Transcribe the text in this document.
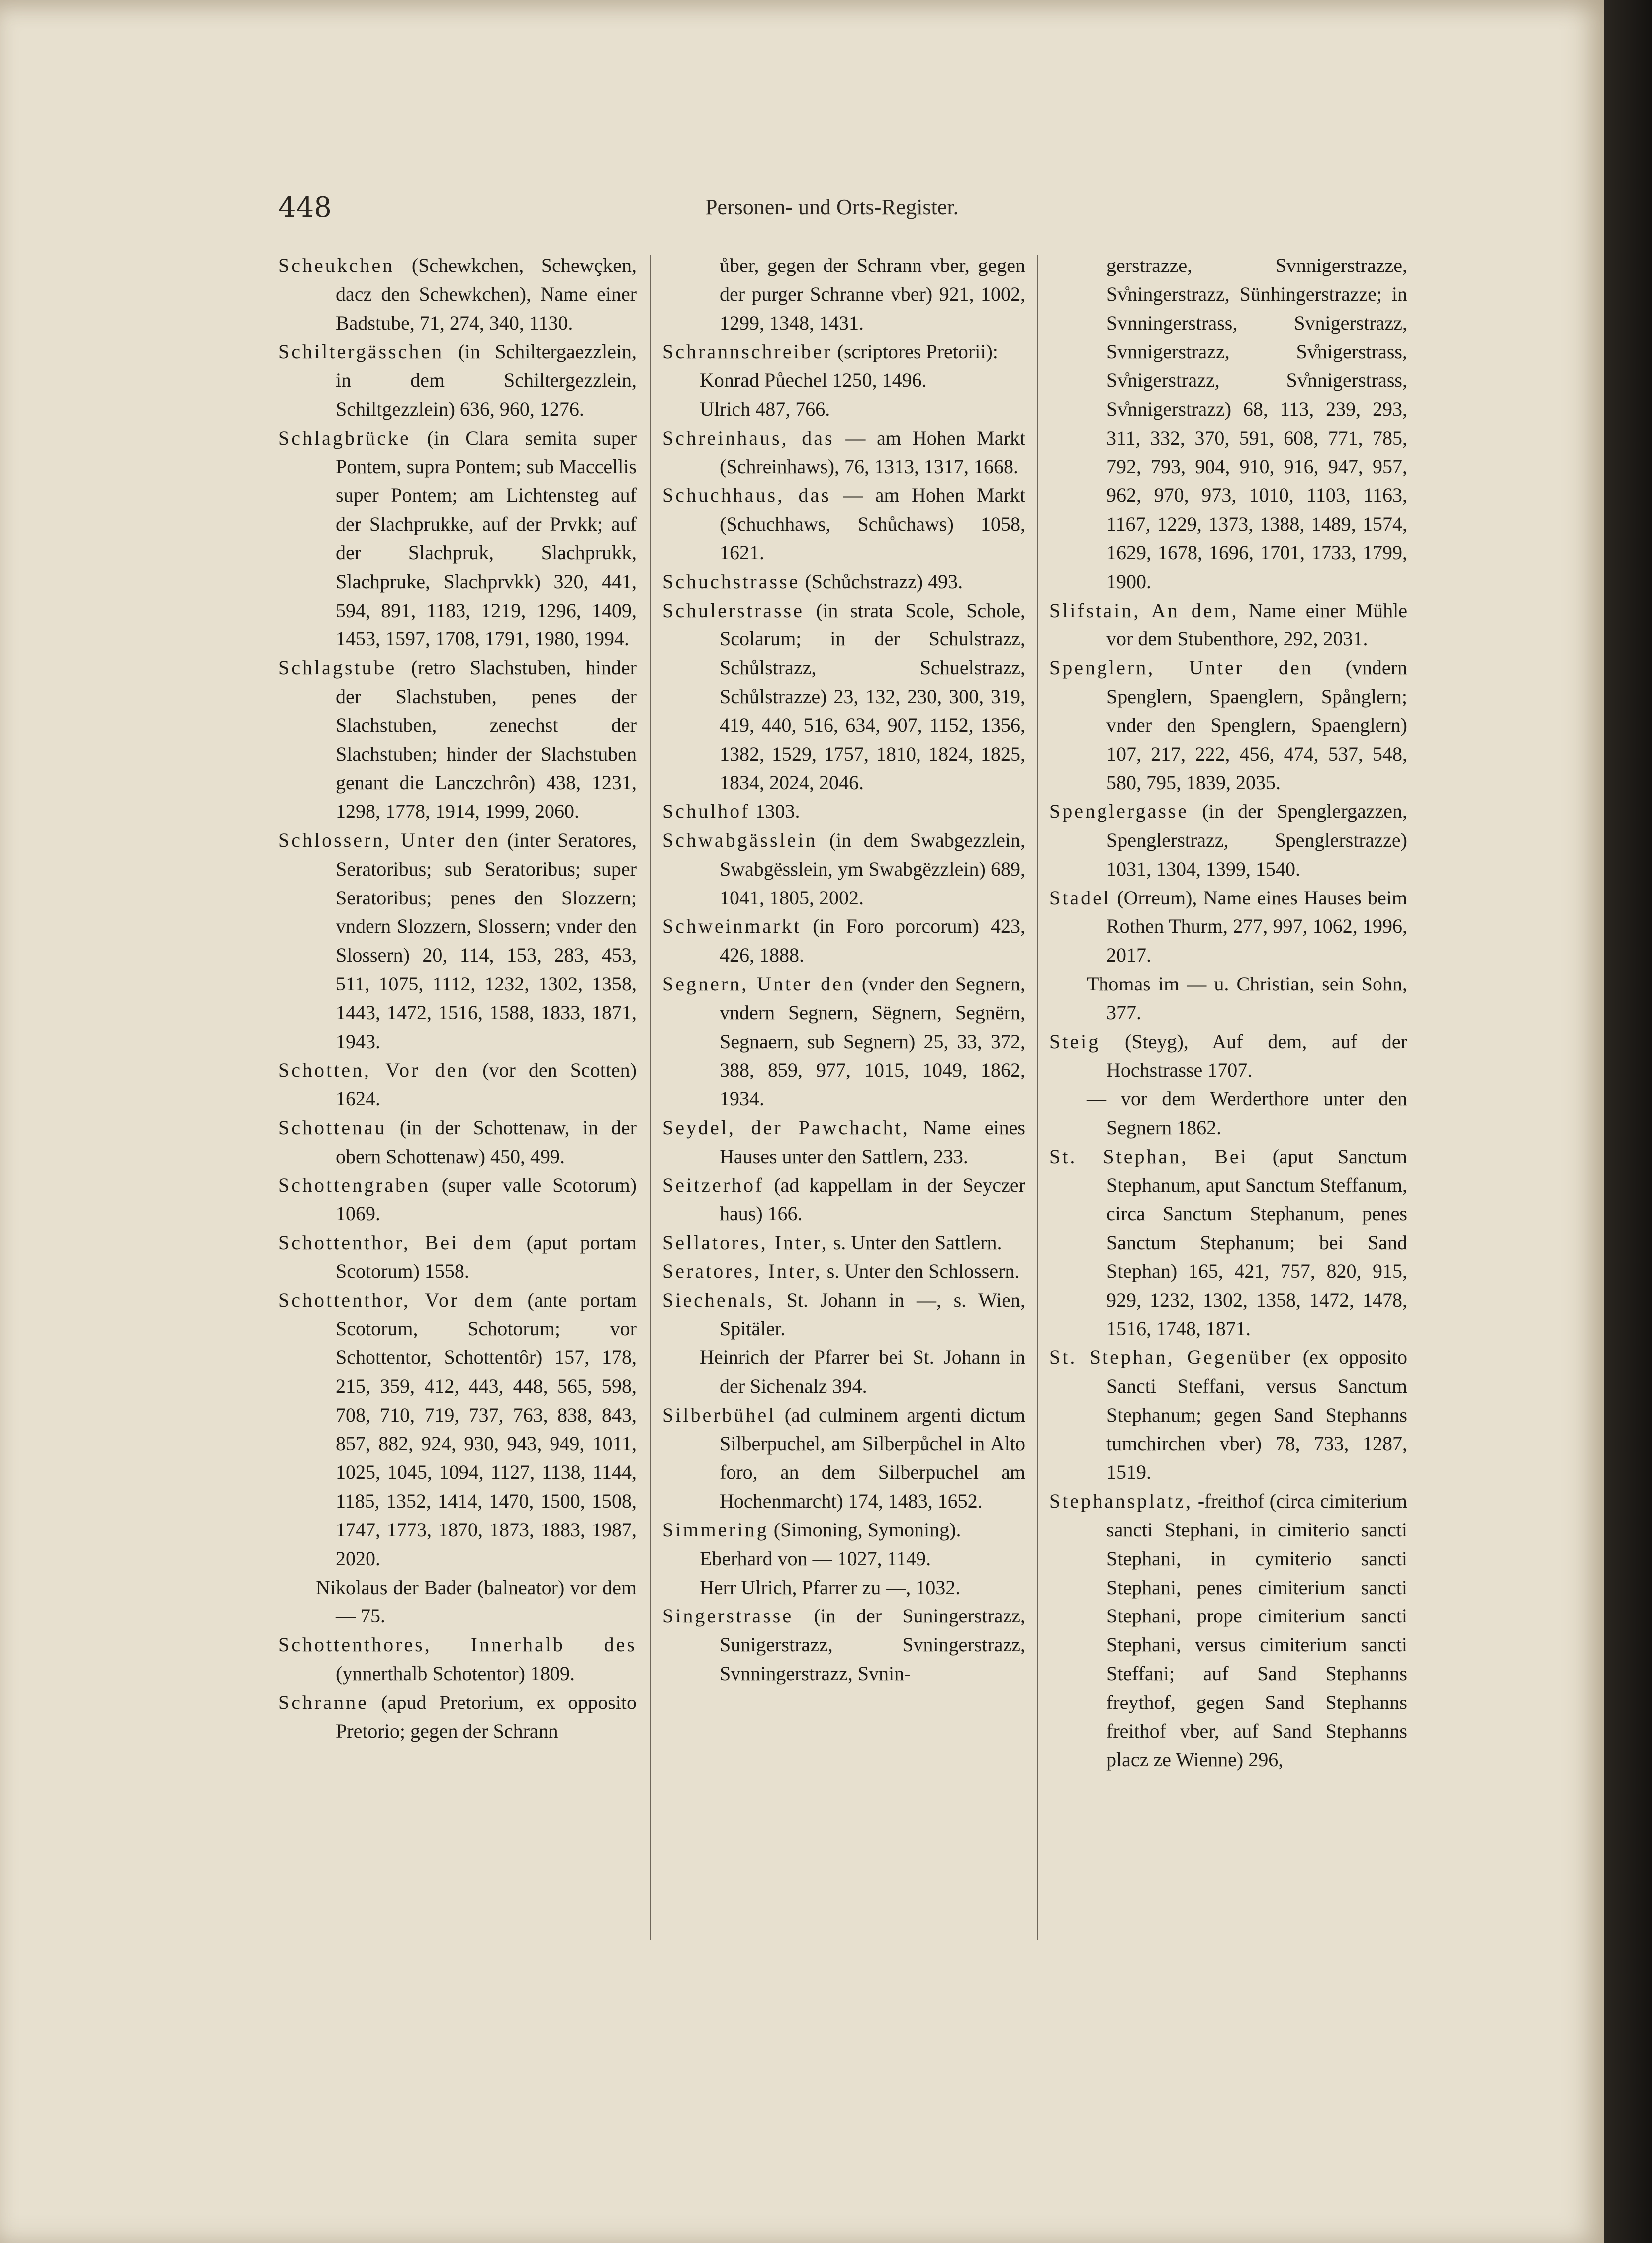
448	Personen- und Orts-Register.

Scheukchen (Schewkchen, Schewçken, dacz den Schewkchen), Name einer Badstube, 71, 274, 340, 1130.

Schiltergässchen (in Schiltergaezzlein, in dem Schiltergezzlein, Schiltgezzlein) 636, 960, 1276.

Schlagbrücke (in Clara semita super Pontem, supra Pontem; sub Maccellis super Pontem; am Lichtensteg auf der Slachprukke, auf der Prvkk; auf der Slachpruk, Slachprukk, Slachpruke, Slachprvkk) 320, 441, 594, 891, 1183, 1219, 1296, 1409, 1453, 1597, 1708, 1791, 1980, 1994.

Schlagstube (retro Slachstuben, hinder der Slachstuben, penes der Slachstuben, zenechst der Slachstuben; hinder der Slachstuben genant die Lanczchrôn) 438, 1231, 1298, 1778, 1914, 1999, 2060.

Schlossern, Unter den (inter Seratores, Seratoribus; sub Seratoribus; super Seratoribus; penes den Slozzern; vndern Slozzern, Slossern; vnder den Slossern) 20, 114, 153, 283, 453, 511, 1075, 1112, 1232, 1302, 1358, 1443, 1472, 1516, 1588, 1833, 1871, 1943.

Schotten, Vor den (vor den Scotten) 1624.

Schottenau (in der Schottenaw, in der obern Schottenaw) 450, 499.

Schottengraben (super valle Scotorum) 1069.

Schottenthor, Bei dem (aput portam Scotorum) 1558.

Schottenthor, Vor dem (ante portam Scotorum, Schotorum; vor Schottentor, Schottentôr) 157, 178, 215, 359, 412, 443, 448, 565, 598, 708, 710, 719, 737, 763, 838, 843, 857, 882, 924, 930, 943, 949, 1011, 1025, 1045, 1094, 1127, 1138, 1144, 1185, 1352, 1414, 1470, 1500, 1508, 1747, 1773, 1870, 1873, 1883, 1987, 2020.

Nikolaus der Bader (balneator) vor dem — 75.

Schottenthores, Innerhalb des (ynnerthalb Schotentor) 1809.

Schranne (apud Pretorium, ex opposito Pretorio; gegen der Schrann

ůber, gegen der Schrann vber, gegen der purger Schranne vber) 921, 1002, 1299, 1348, 1431.

Schrannschreiber (scriptores Pretorii):

Konrad Půechel 1250, 1496.

Ulrich 487, 766.

Schreinhaus, das — am Hohen Markt (Schreinhaws), 76, 1313, 1317, 1668.

Schuchhaus, das — am Hohen Markt (Schuchhaws, Schůchaws) 1058, 1621.

Schuchstrasse (Schůchstrazz) 493.

Schulerstrasse (in strata Scole, Schole, Scolarum; in der Schulstrazz, Schůlstrazz, Schuelstrazz, Schůlstrazze) 23, 132, 230, 300, 319, 419, 440, 516, 634, 907, 1152, 1356, 1382, 1529, 1757, 1810, 1824, 1825, 1834, 2024, 2046.

Schulhof 1303.

Schwabgässlein (in dem Swabgezzlein, Swabgësslein, ym Swabgëzzlein) 689, 1041, 1805, 2002.

Schweinmarkt (in Foro porcorum) 423, 426, 1888.

Segnern, Unter den (vnder den Segnern, vndern Segnern, Sëgnern, Segnërn, Segnaern, sub Segnern) 25, 33, 372, 388, 859, 977, 1015, 1049, 1862, 1934.

Seydel, der Pawchacht, Name eines Hauses unter den Sattlern, 233.

Seitzerhof (ad kappellam in der Seyczer haus) 166.

Sellatores, Inter, s. Unter den Sattlern.

Seratores, Inter, s. Unter den Schlossern.

Siechenals, St. Johann in —, s. Wien, Spitäler.

Heinrich der Pfarrer bei St. Johann in der Sichenalz 394.

Silberbühel (ad culminem argenti dictum Silberpuchel, am Silberpůchel in Alto foro, an dem Silberpuchel am Hochenmarcht) 174, 1483, 1652.

Simmering (Simoning, Symoning).

Eberhard von — 1027, 1149.

Herr Ulrich, Pfarrer zu —, 1032.

Singerstrasse (in der Suningerstrazz, Sunigerstrazz, Svningerstrazz, Svnningerstrazz, Svnin-

gerstrazze, Svnnigerstrazze, Sv̊ningerstrazz, Sünhingerstrazze; in Svnningerstrass, Svnigerstrazz, Svnnigerstrazz, Sv̊nigerstrass, Sv̊nigerstrazz, Sv̊nnigerstrass, Sv̊nnigerstrazz) 68, 113, 239, 293, 311, 332, 370, 591, 608, 771, 785, 792, 793, 904, 910, 916, 947, 957, 962, 970, 973, 1010, 1103, 1163, 1167, 1229, 1373, 1388, 1489, 1574, 1629, 1678, 1696, 1701, 1733, 1799, 1900.

Slifstain, An dem, Name einer Mühle vor dem Stubenthore, 292, 2031.

Spenglern, Unter den (vndern Spenglern, Spaenglern, Spånglern; vnder den Spenglern, Spaenglern) 107, 217, 222, 456, 474, 537, 548, 580, 795, 1839, 2035.

Spenglergasse (in der Spenglergazzen, Spenglerstrazz, Spenglerstrazze) 1031, 1304, 1399, 1540.

Stadel (Orreum), Name eines Hauses beim Rothen Thurm, 277, 997, 1062, 1996, 2017.

Thomas im — u. Christian, sein Sohn, 377.

Steig (Steyg), Auf dem, auf der Hochstrasse 1707.

— vor dem Werderthore unter den Segnern 1862.

St. Stephan, Bei (aput Sanctum Stephanum, aput Sanctum Steffanum, circa Sanctum Stephanum, penes Sanctum Stephanum; bei Sand Stephan) 165, 421, 757, 820, 915, 929, 1232, 1302, 1358, 1472, 1478, 1516, 1748, 1871.

St. Stephan, Gegenüber (ex opposito Sancti Steffani, versus Sanctum Stephanum; gegen Sand Stephanns tumchirchen vber) 78, 733, 1287, 1519.

Stephansplatz, -freithof (circa cimiterium sancti Stephani, in cimiterio sancti Stephani, in cymiterio sancti Stephani, penes cimiterium sancti Stephani, prope cimiterium sancti Stephani, versus cimiterium sancti Steffani; auf Sand Stephanns freythof, gegen Sand Stephanns freithof vber, auf Sand Stephanns placz ze Wienne) 296,
